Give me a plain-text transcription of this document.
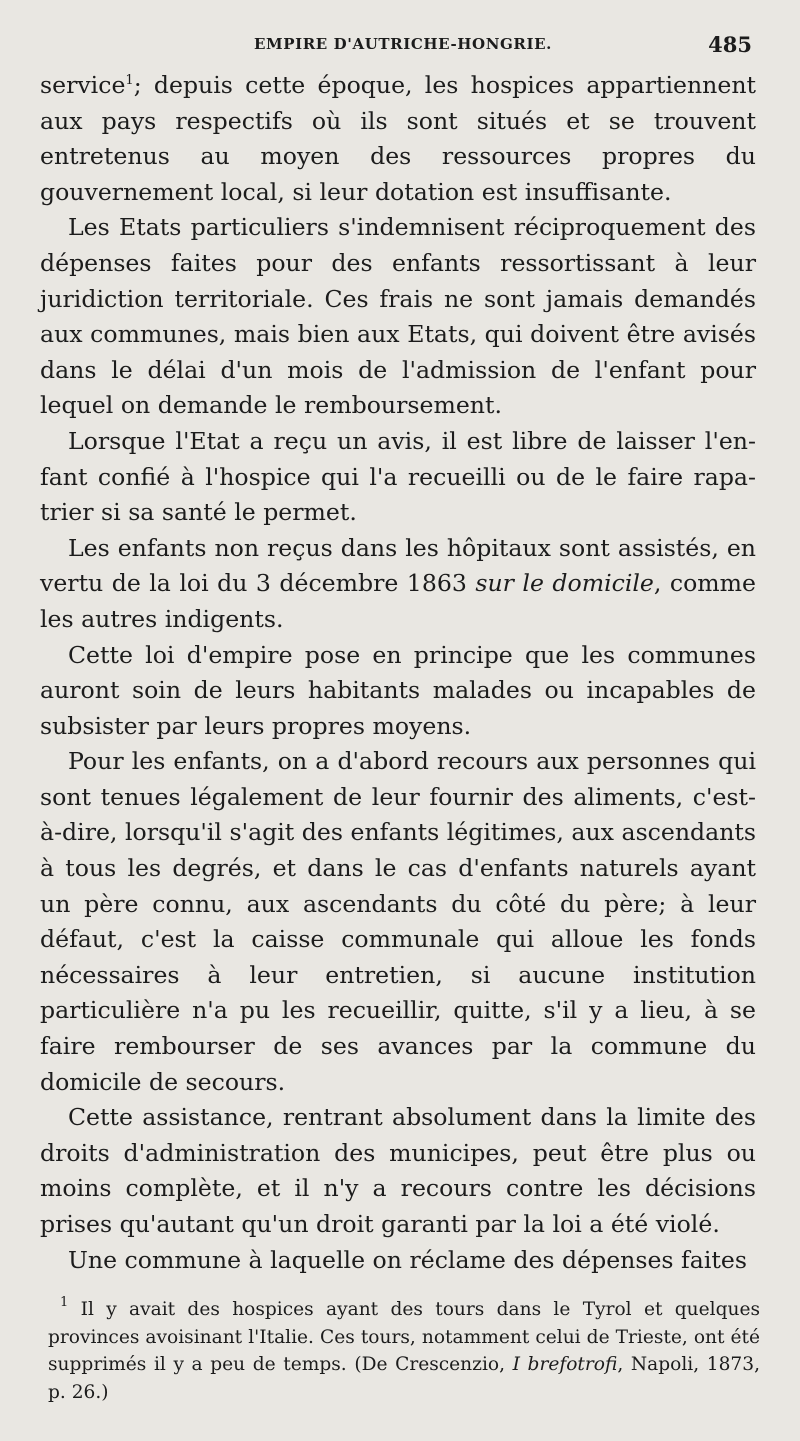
EMPIRE D'AUTRICHE-HONGRIE.	485

service$^1$; depuis cette époque, les hospices appartiennent aux pays respectifs où ils sont situés et se trouvent entretenus au moyen des ressources propres du gouvernement local, si leur dotation est insuffisante.

Les Etats particuliers s'indemnisent réciproquement des dépenses faites pour des enfants ressortissant à leur juridiction territoriale. Ces frais ne sont jamais demandés aux communes, mais bien aux Etats, qui doivent être avisés dans le délai d'un mois de l'admission de l'enfant pour lequel on demande le remboursement.

Lorsque l'Etat a reçu un avis, il est libre de laisser l'enfant confié à l'hospice qui l'a recueilli ou de le faire rapatrier si sa santé le permet.

Les enfants non reçus dans les hôpitaux sont assistés, en vertu de la loi du 3 décembre 1863 sur le domicile, comme les autres indigents.

Cette loi d'empire pose en principe que les communes auront soin de leurs habitants malades ou incapables de subsister par leurs propres moyens.

Pour les enfants, on a d'abord recours aux personnes qui sont tenues légalement de leur fournir des aliments, c'est-à-dire, lorsqu'il s'agit des enfants légitimes, aux ascendants à tous les degrés, et dans le cas d'enfants naturels ayant un père connu, aux ascendants du côté du père; à leur défaut, c'est la caisse communale qui alloue les fonds nécessaires à leur entretien, si aucune institution particulière n'a pu les recueillir, quitte, s'il y a lieu, à se faire rembourser de ses avances par la commune du domicile de secours.

Cette assistance, rentrant absolument dans la limite des droits d'administration des municipes, peut être plus ou moins complète, et il n'y a recours contre les décisions prises qu'autant qu'un droit garanti par la loi a été violé.

Une commune à laquelle on réclame des dépenses faites

$^1$ Il y avait des hospices ayant des tours dans le Tyrol et quelques provinces avoisinant l'Italie. Ces tours, notamment celui de Trieste, ont été supprimés il y a peu de temps. (De Crescenzio, I brefotrofi, Napoli, 1873, p. 26.)
